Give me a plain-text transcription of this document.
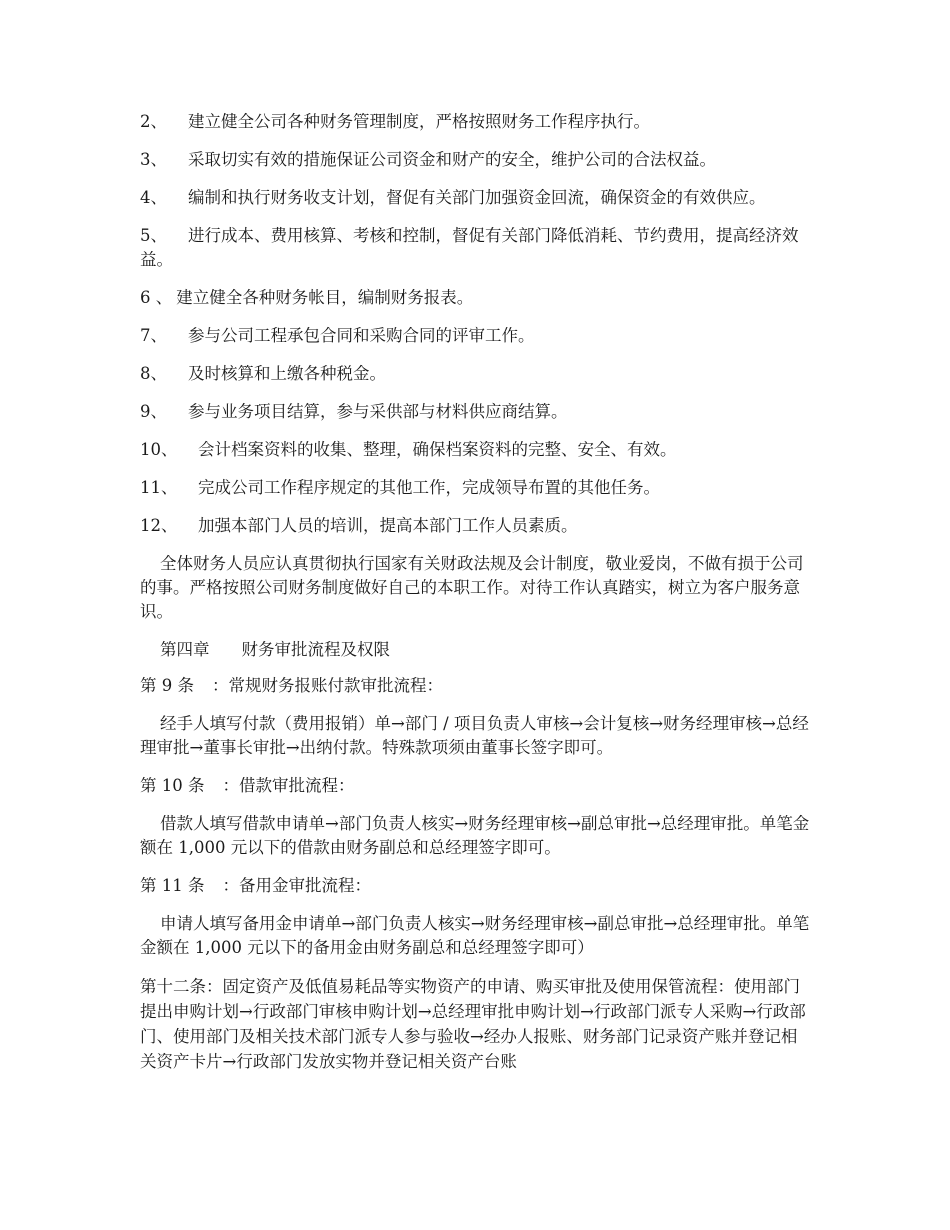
2、 建立健全公司各种财务管理制度，严格按照财务工作程序执行。
3、 采取切实有效的措施保证公司资金和财产的安全，维护公司的合法权益。
4、 编制和执行财务收支计划，督促有关部门加强资金回流，确保资金的有效供应。
5、 进行成本、费用核算、考核和控制，督促有关部门降低消耗、节约费用，提高经济效益。
6 、 建立健全各种财务帐目，编制财务报表。
7、 参与公司工程承包合同和采购合同的评审工作。
8、 及时核算和上缴各种税金。
9、 参与业务项目结算，参与采供部与材料供应商结算。
10、 会计档案资料的收集、整理，确保档案资料的完整、安全、有效。
11、 完成公司工作程序规定的其他工作，完成领导布置的其他任务。
12、 加强本部门人员的培训，提高本部门工作人员素质。
全体财务人员应认真贯彻执行国家有关财政法规及会计制度，敬业爱岗，不做有损于公司的事。严格按照公司财务制度做好自己的本职工作。对待工作认真踏实，树立为客户服务意识。
第四章 财务审批流程及权限
第 9 条 ：常规财务报账付款审批流程：
经手人填写付款（费用报销）单→部门 / 项目负责人审核→会计复核→财务经理审核→总经理审批→董事长审批→出纳付款。特殊款项须由董事长签字即可。
第 10 条 ：借款审批流程：
借款人填写借款申请单→部门负责人核实→财务经理审核→副总审批→总经理审批。单笔金额在 1,000 元以下的借款由财务副总和总经理签字即可。
第 11 条 ：备用金审批流程：
申请人填写备用金申请单→部门负责人核实→财务经理审核→副总审批→总经理审批。单笔金额在 1,000 元以下的备用金由财务副总和总经理签字即可）
第十二条：固定资产及低值易耗品等实物资产的申请、购买审批及使用保管流程：使用部门提出申购计划→行政部门审核申购计划→总经理审批申购计划→行政部门派专人采购→行政部门、使用部门及相关技术部门派专人参与验收→经办人报账、财务部门记录资产账并登记相关资产卡片→行政部门发放实物并登记相关资产台账
